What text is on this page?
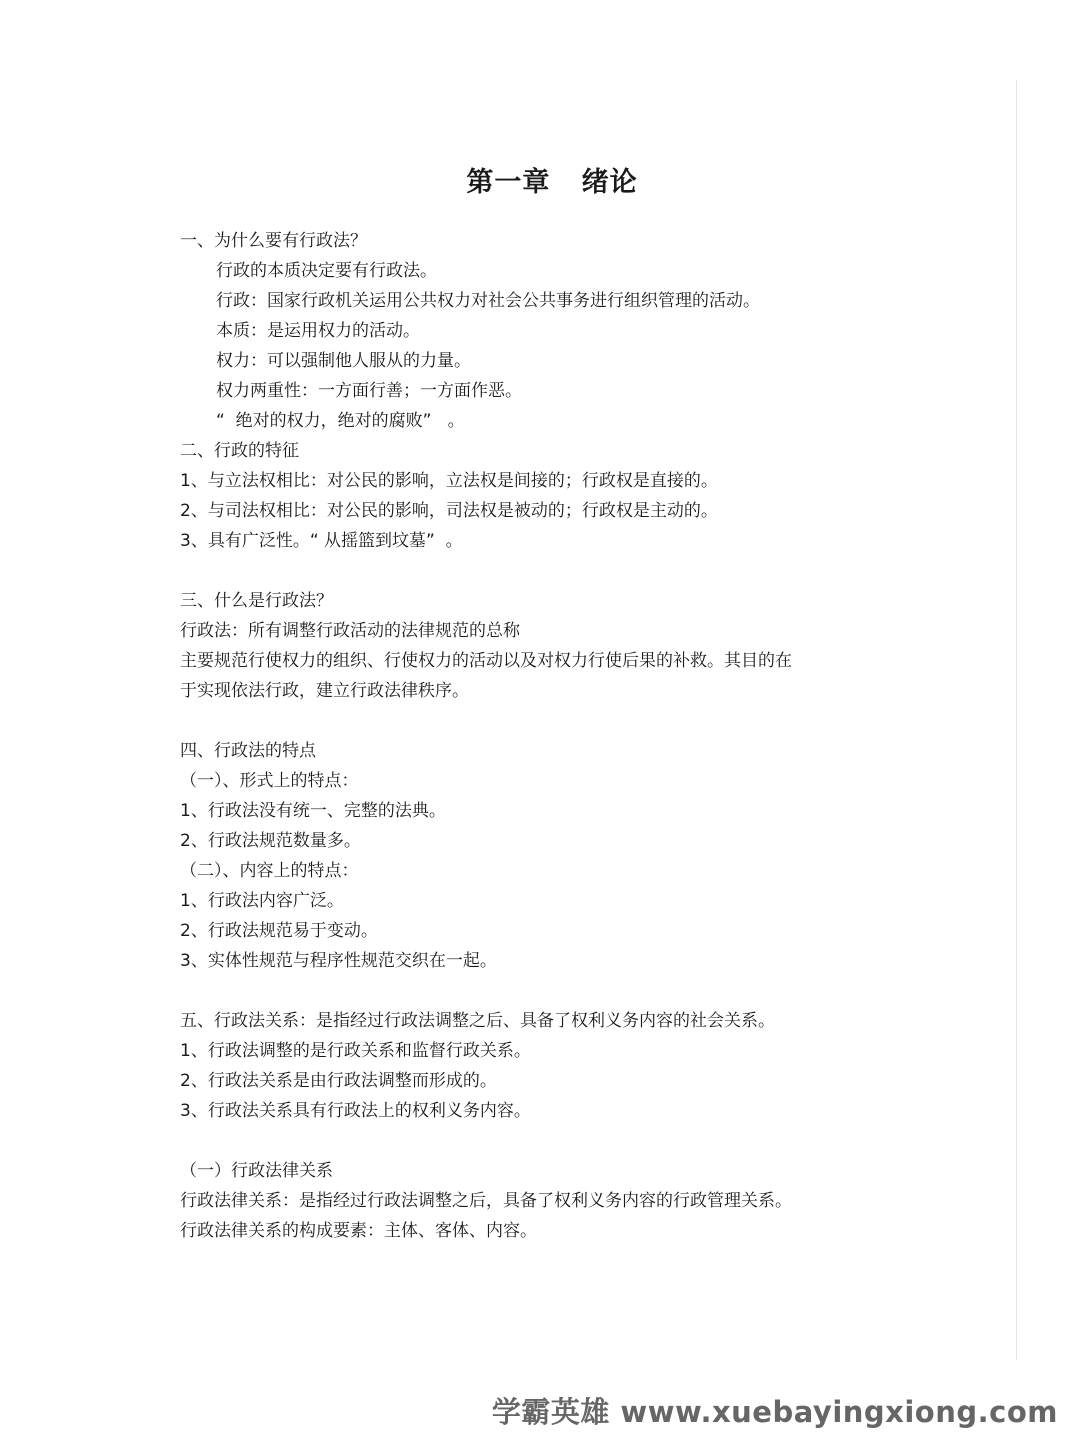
第一章   绪论
一、为什么要有行政法？
行政的本质决定要有行政法。
行政：国家行政机关运用公共权力对社会公共事务进行组织管理的活动。
本质：是运用权力的活动。
权力：可以强制他人服从的力量。
权力两重性：一方面行善；一方面作恶。
“  绝对的权力，绝对的腐败”   。
二、行政的特征
1、与立法权相比：对公民的影响，立法权是间接的；行政权是直接的。
2、与司法权相比：对公民的影响，司法权是被动的；行政权是主动的。
3、具有广泛性。“ 从摇篮到坟墓”  。
三、什么是行政法？
行政法：所有调整行政活动的法律规范的总称
主要规范行使权力的组织、行使权力的活动以及对权力行使后果的补救。其目的在
于实现依法行政，建立行政法律秩序。
四、行政法的特点
（一）、形式上的特点：
1、行政法没有统一、完整的法典。
2、行政法规范数量多。
（二）、内容上的特点：
1、行政法内容广泛。
2、行政法规范易于变动。
3、实体性规范与程序性规范交织在一起。
五、行政法关系：是指经过行政法调整之后、具备了权利义务内容的社会关系。
1、行政法调整的是行政关系和监督行政关系。
2、行政法关系是由行政法调整而形成的。
3、行政法关系具有行政法上的权利义务内容。
（一）行政法律关系
行政法律关系：是指经过行政法调整之后，具备了权利义务内容的行政管理关系。
行政法律关系的构成要素：主体、客体、内容。
学霸英雄 www.xuebayingxiong.com
